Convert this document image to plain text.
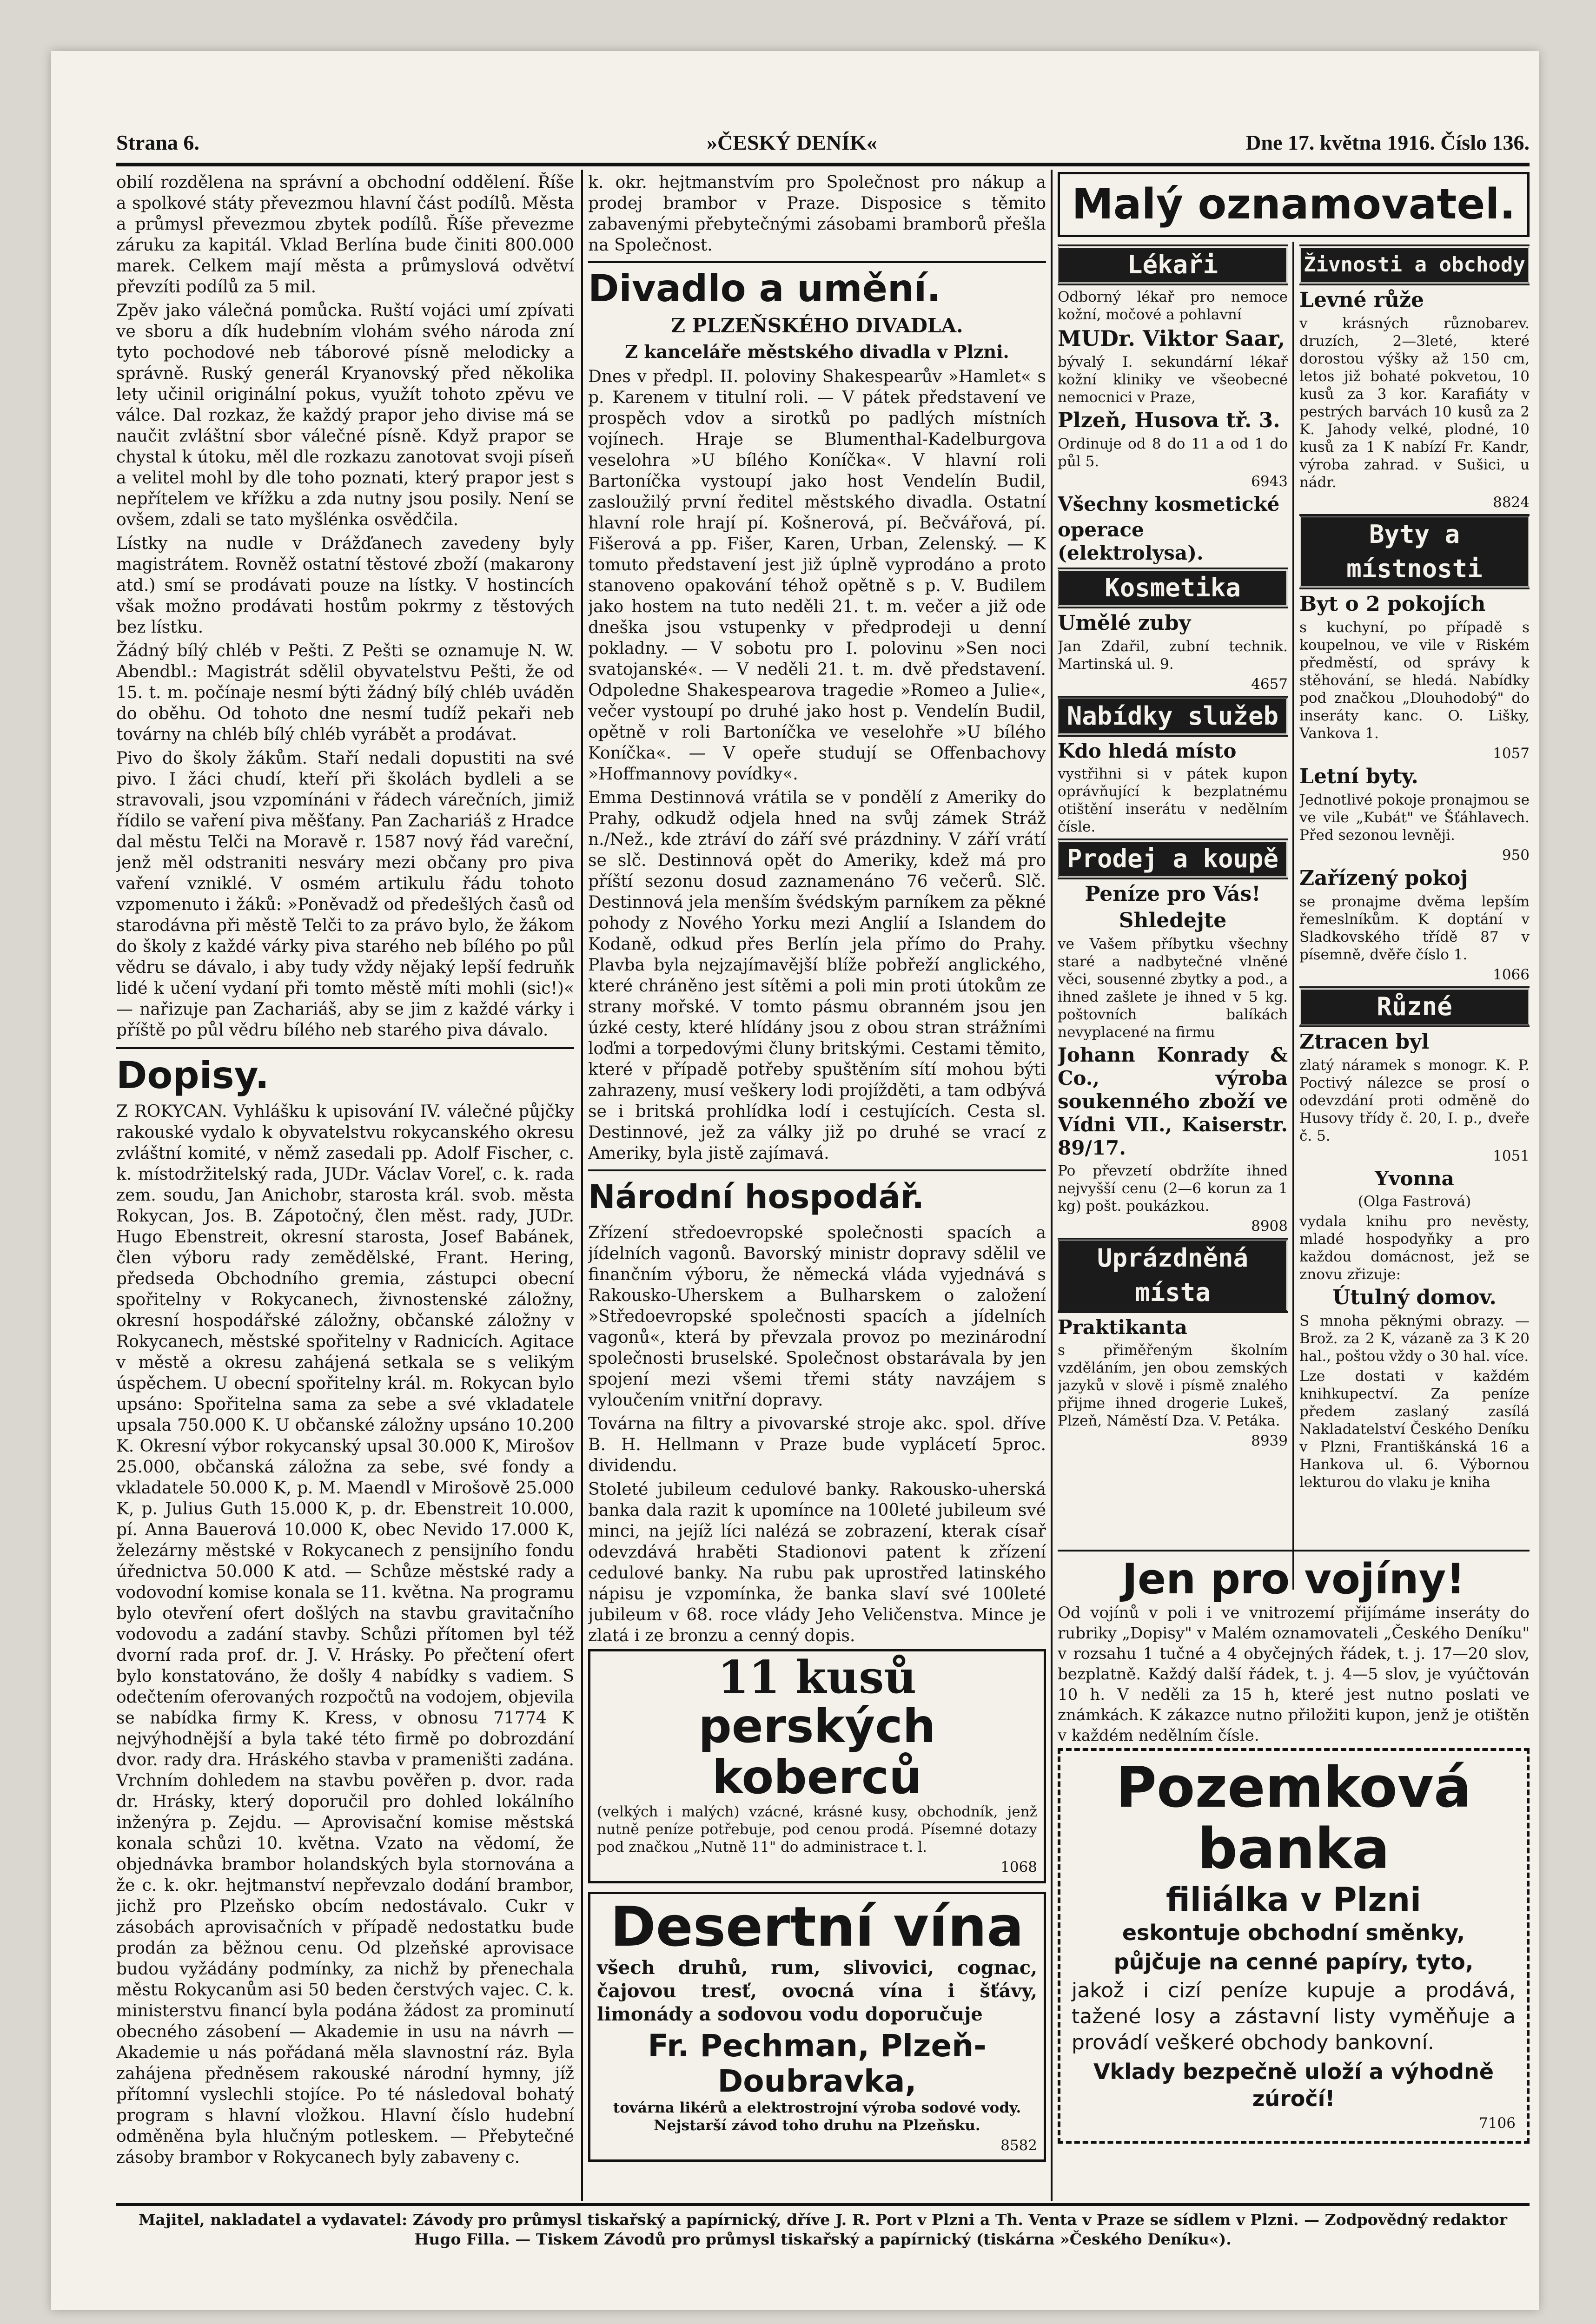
Strana 6.	»ČESKÝ DENÍK«	Dne 17. května 1916. Číslo 136.

obilí rozdělena na správní a obchodní oddělení. Říše a spolkové státy převezmou hlavní část podílů. Města a průmysl převezmou zbytek podílů. Říše převezme záruku za kapitál. Vklad Berlína bude činiti 800.000 marek. Celkem mají města a průmyslová odvětví převzíti podílů za 5 mil.

Zpěv jako válečná pomůcka. Ruští vojáci umí zpívati ve sboru a dík hudebním vlohám svého národa zní tyto pochodové neb táborové písně melodicky a správně. Ruský generál Kryanovský před několika lety učinil originální pokus, využít tohoto zpěvu ve válce. Dal rozkaz, že každý prapor jeho divise má se naučit zvláštní sbor válečné písně. Když prapor se chystal k útoku, měl dle rozkazu zanotovat svoji píseň a velitel mohl by dle toho poznati, který prapor jest s nepřítelem ve křížku a zda nutny jsou posily. Není se ovšem, zdali se tato myšlénka osvědčila.

Lístky na nudle v Drážďanech zavedeny byly magistrátem. Rovněž ostatní těstové zboží (makarony atd.) smí se prodávati pouze na lístky. V hostincích však možno prodávati hostům pokrmy z těstových bez lístku.

Žádný bílý chléb v Pešti. Z Pešti se oznamuje N. W. Abendbl.: Magistrát sdělil obyvatelstvu Pešti, že od 15. t. m. počínaje nesmí býti žádný bílý chléb uváděn do oběhu. Od tohoto dne nesmí tudíž pekaři neb továrny na chléb bílý chléb vyrábět a prodávat.

Pivo do školy žákům. Staří nedali dopustiti na své pivo. I žáci chudí, kteří při školách bydleli a se stravovali, jsou vzpomínáni v řádech várečních, jimiž řídilo se vaření piva měšťany. Pan Zachariáš z Hradce dal městu Telči na Moravě r. 1587 nový řád vareční, jenž měl odstraniti nesváry mezi občany pro piva vaření vzniklé. V osmém artikulu řádu tohoto vzpomenuto i žáků: »Poněvadž od předešlých časů od starodávna při městě Telči to za právo bylo, že žákom do školy z každé várky piva starého neb bílého po půl vědru se dávalo, i aby tudy vždy nějaký lepší fedruňk lidé k učení vydaní při tomto městě míti mohli (sic!)« — nařizuje pan Zachariáš, aby se jim z každé várky i příště po půl vědru bílého neb starého piva dávalo.

Dopisy.

Z ROKYCAN. Vyhlášku k upisování IV. válečné půjčky rakouské vydalo k obyvatelstvu rokycanského okresu zvláštní komité, v němž zasedali pp. Adolf Fischer, c. k. místodržitelský rada, JUDr. Václav Voreľ, c. k. rada zem. soudu, Jan Anichobr, starosta král. svob. města Rokycan, Jos. B. Zápotočný, člen měst. rady, JUDr. Hugo Ebenstreit, okresní starosta, Josef Babánek, člen výboru rady zemědělské, Frant. Hering, předseda Obchodního gremia, zástupci obecní spořitelny v Rokycanech, živnostenské záložny, okresní hospodářské záložny, občanské záložny v Rokycanech, městské spořitelny v Radnicích. Agitace v městě a okresu zahájená setkala se s velikým úspěchem. U obecní spořitelny král. m. Rokycan bylo upsáno: Spořitelna sama za sebe a své vkladatele upsala 750.000 K. U občanské záložny upsáno 10.200 K. Okresní výbor rokycanský upsal 30.000 K, Mirošov 25.000, občanská záložna za sebe, své fondy a vkladatele 50.000 K, p. M. Maendl v Mirošově 25.000 K, p. Julius Guth 15.000 K, p. dr. Ebenstreit 10.000, pí. Anna Bauerová 10.000 K, obec Nevido 17.000 K, železárny městské v Rokycanech z pensijního fondu úřednictva 50.000 K atd. — Schůze městské rady a vodovodní komise konala se 11. května. Na programu bylo otevření ofert došlých na stavbu gravitačního vodovodu a zadání stavby. Schůzi přítomen byl též dvorní rada prof. dr. J. V. Hrásky. Po přečtení ofert bylo konstatováno, že došly 4 nabídky s vadiem. S odečtením oferovaných rozpočtů na vodojem, objevila se nabídka firmy K. Kress, v obnosu 71774 K nejvýhodnější a byla také této firmě po dobrozdání dvor. rady dra. Hráského stavba v prameništi zadána. Vrchním dohledem na stavbu pověřen p. dvor. rada dr. Hrásky, který doporučil pro dohled lokálního inženýra p. Zejdu. — Aprovisační komise městská konala schůzi 10. května. Vzato na vědomí, že objednávka brambor holandských byla stornována a že c. k. okr. hejtmanství nepřevzalo dodání brambor, jichž pro Plzeňsko obcím nedostávalo. Cukr v zásobách aprovisačních v případě nedostatku bude prodán za běžnou cenu. Od plzeňské aprovisace budou vyžádány podmínky, za nichž by přenechala městu Rokycanům asi 50 beden čerstvých vajec. C. k. ministerstvu financí byla podána žádost za prominutí obecného zásobení — Akademie in usu na návrh — Akademie u nás pořádaná měla slavnostní ráz. Byla zahájena předněsem rakouské národní hymny, jíž přítomní vyslechli stojíce. Po té následoval bohatý program s hlavní vložkou. Hlavní číslo hudební odměněna byla hlučným potleskem. — Přebytečné zásoby brambor v Rokycanech byly zabaveny c.

k. okr. hejtmanstvím pro Společnost pro nákup a prodej brambor v Praze. Disposice s těmito zabavenými přebytečnými zásobami bramborů přešla na Společnost.

Divadlo a umění.
Z PLZEŇSKÉHO DIVADLA.
Z kanceláře městského divadla v Plzni.

Dnes v předpl. II. poloviny Shakespearův »Hamlet« s p. Karenem v titulní roli. — V pátek představení ve prospěch vdov a sirotků po padlých místních vojínech. Hraje se Blumenthal-Kadelburgova veselohra »U bílého Koníčka«. V hlavní roli Bartoníčka vystoupí jako host Vendelín Budil, zasloužilý první ředitel městského divadla. Ostatní hlavní role hrají pí. Košnerová, pí. Bečvářová, pí. Fišerová a pp. Fišer, Karen, Urban, Zelenský. — K tomuto představení jest již úplně vyprodáno a proto stanoveno opakování téhož opětně s p. V. Budilem jako hostem na tuto neděli 21. t. m. večer a již ode dneška jsou vstupenky v předprodeji u denní pokladny. — V sobotu pro I. polovinu »Sen noci svatojanské«. — V neděli 21. t. m. dvě představení. Odpoledne Shakespearova tragedie »Romeo a Julie«, večer vystoupí po druhé jako host p. Vendelín Budil, opětně v roli Bartoníčka ve veselohře »U bílého Koníčka«. — V opeře studují se Offenbachovy »Hoffmannovy povídky«.

Emma Destinnová vrátila se v pondělí z Ameriky do Prahy, odkudž odjela hned na svůj zámek Stráž n./Než., kde ztráví do září své prázdniny. V září vrátí se slč. Destinnová opět do Ameriky, kdež má pro příští sezonu dosud zaznamenáno 76 večerů. Slč. Destinnová jela menším švédským parníkem za pěkné pohody z Nového Yorku mezi Anglií a Islandem do Kodaně, odkud přes Berlín jela přímo do Prahy. Plavba byla nejzajímavější blíže pobřeží anglického, které chráněno jest sítěmi a poli min proti útokům ze strany mořské. V tomto pásmu obranném jsou jen úzké cesty, které hlídány jsou z obou stran strážními loďmi a torpedovými čluny britskými. Cestami těmito, které v případě potřeby spuštěním sítí mohou býti zahrazeny, musí veškery lodi projížděti, a tam odbývá se i britská prohlídka lodí i cestujících. Cesta sl. Destinnové, jež za války již po druhé se vrací z Ameriky, byla jistě zajímavá.

Národní hospodář.

Zřízení středoevropské společnosti spacích a jídelních vagonů. Bavorský ministr dopravy sdělil ve finančním výboru, že německá vláda vyjednává s Rakousko-Uherskem a Bulharskem o založení »Středoevropské společnosti spacích a jídelních vagonů«, která by převzala provoz po mezinárodní společnosti bruselské. Společnost obstarávala by jen spojení mezi všemi třemi státy navzájem s vyloučením vnitřní dopravy.

Továrna na filtry a pivovarské stroje akc. spol. dříve B. H. Hellmann v Praze bude vyplácetí 5proc. dividendu.

Stoleté jubileum cedulové banky. Rakousko-uherská banka dala razit k upomínce na 100leté jubileum své minci, na jejíž líci nalézá se zobrazení, kterak císař odevzdává hraběti Stadionovi patent k zřízení cedulové banky. Na rubu pak uprostřed latinského nápisu je vzpomínka, že banka slaví své 100leté jubileum v 68. roce vlády Jeho Veličenstva. Mince je zlatá i ze bronzu a cenný dopis.

11 kusů
perských koberců

(velkých i malých) vzácné, krásné kusy, obchodník, jenž nutně peníze potřebuje, pod cenou prodá. Písemné dotazy pod značkou „Nutně 11" do administrace t. l.

1068
Desertní vína

všech druhů, rum, slivovici, cognac, čajovou tresť, ovocná vína i šťávy, limonády a sodovou vodu doporučuje

Fr. Pechman, Plzeň-Doubravka,

továrna likérů a elektrostrojní výroba sodové vody. Nejstarší závod toho druhu na Plzeňsku.

8582
Malý oznamovatel.
Lékaři

Odborný lékař pro nemoce kožní, močové a pohlavní

MUDr. Viktor Saar,

bývalý I. sekundární lékař kožní kliniky ve všeobecné nemocnici v Praze,

Plzeň, Husova tř. 3.

Ordinuje od 8 do 11 a od 1 do půl 5.

6943
Všechny kosmetické
operace (elektrolysa).
Kosmetika
Umělé zuby

Jan Zdařil, zubní technik. Martinská ul. 9.

4657
Nabídky služeb
Kdo hledá místo

vystřihni si v pátek kupon oprávňující k bezplatnému otištění inserátu v nedělním čísle.

Prodej a koupě
Peníze pro Vás!
Shledejte

ve Vašem příbytku všechny staré a nadbytečné vlněné věci, sousenné zbytky a pod., a ihned zašlete je ihned v 5 kg. poštovních balíkách nevyplacené na firmu

Johann Konrady & Co., výroba soukenného zboží ve Vídni VII., Kaiserstr. 89/17.

Po převzetí obdržíte ihned nejvyšší cenu (2—6 korun za 1 kg) pošt. poukázkou.

8908
Uprázdněná místa
Praktikanta

s přiměřeným školním vzděláním, jen obou zemských jazyků v slově i písmě znalého přijme ihned drogerie Lukeš, Plzeň, Náměstí Dza. V. Petáka.

8939
Živnosti a obchody
Levné růže

v krásných různobarev. druzích, 2—3leté, které dorostou výšky až 150 cm, letos již bohaté pokvetou, 10 kusů za 3 kor. Karafiáty v pestrých barvách 10 kusů za 2 K. Jahody velké, plodné, 10 kusů za 1 K nabízí Fr. Kandr, výroba zahrad. v Sušici, u nádr.

8824
Byty a místnosti
Byt o 2 pokojích

s kuchyní, po případě s koupelnou, ve vile v Riském předměstí, od správy k stěhování, se hledá. Nabídky pod značkou „Dlouhodobý" do inseráty kanc. O. Lišky, Vankova 1.

1057
Letní byty.

Jednotlivé pokoje pronajmou se ve vile „Kubát" ve Šťáhlavech. Před sezonou levněji.

950
Zařízený pokoj

se pronajme dvěma lepším řemeslníkům. K doptání v Sladkovského třídě 87 v písemně, dvěře číslo 1.

1066
Různé
Ztracen byl

zlatý náramek s monogr. K. P. Poctivý nálezce se prosí o odevzdání proti odměně do Husovy třídy č. 20, I. p., dveře č. 5.

1051
Yvonna
(Olga Fastrová)

vydala knihu pro nevěsty, mladé hospodyňky a pro každou domácnost, jež se znovu zřizuje:

Útulný domov.

S mnoha pěknými obrazy. — Brož. za 2 K, vázaně za 3 K 20 hal., poštou vždy o 30 hal. více.

Lze dostati v každém knihkupectví. Za peníze předem zaslaný zasílá Nakladatelství Českého Deníku v Plzni, Františkánská 16 a Hankova ul. 6. Výbornou lekturou do vlaku je kniha

Jen pro vojíny!

Od vojínů v poli i ve vnitrozemí přijímáme inseráty do rubriky „Dopisy" v Malém oznamovateli „Českého Deníku" v rozsahu 1 tučné a 4 obyčejných řádek, t. j. 17—20 slov, bezplatně. Každý další řádek, t. j. 4—5 slov, je vyúčtován 10 h. V neděli za 15 h, které jest nutno poslati ve známkách. K zákazce nutno přiložiti kupon, jenž je otištěn v každém nedělním čísle.

Pozemková banka
filiálka v Plzni

eskontuje obchodní směnky,

půjčuje na cenné papíry, tyto,

jakož i cizí peníze kupuje a prodává, tažené losy a zástavní listy vyměňuje a provádí veškeré obchody bankovní.

Vklady bezpečně uloží a výhodně zúročí!

7106
Majitel, nakladatel a vydavatel: Závody pro průmysl tiskařský a papírnický, dříve J. R. Port v Plzni a Th. Venta v Praze se sídlem v Plzni. — Zodpovědný redaktor Hugo Filla. — Tiskem Závodů pro průmysl tiskařský a papírnický (tiskárna »Českého Deníku«).
